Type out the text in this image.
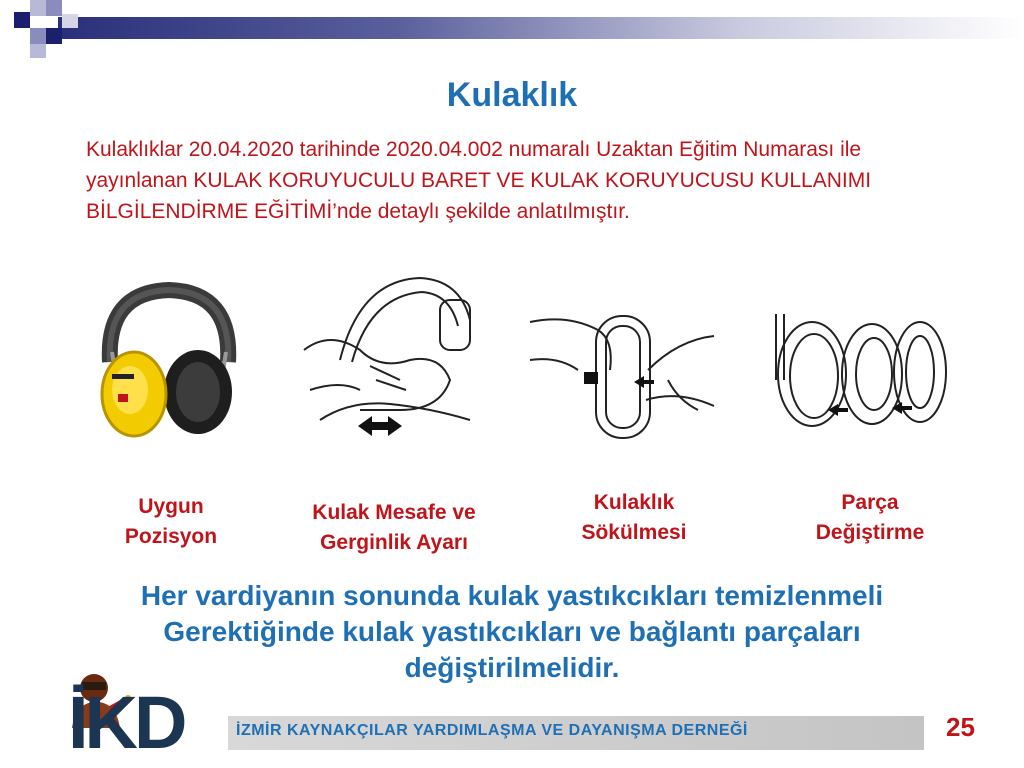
Kulaklık
Kulaklıklar 20.04.2020 tarihinde 2020.04.002 numaralı Uzaktan Eğitim Numarası ile yayınlanan KULAK KORUYUCULU BARET VE KULAK KORUYUCUSU KULLANIMI BİLGİLENDİRME EĞİTİMİ’nde detaylı şekilde anlatılmıştır.
Uygun
Pozisyon
Kulak Mesafe ve
Gerginlik Ayarı
Kulaklık
Sökülmesi
Parça
Değiştirme
Her vardiyanın sonunda kulak yastıkcıkları temizlenmeli
Gerektiğinde kulak yastıkcıkları ve bağlantı parçaları
değiştirilmelidir.
İKD	İZMİR KAYNAKÇILAR YARDIMLAŞMA VE DAYANIŞMA DERNEĞİ	25
